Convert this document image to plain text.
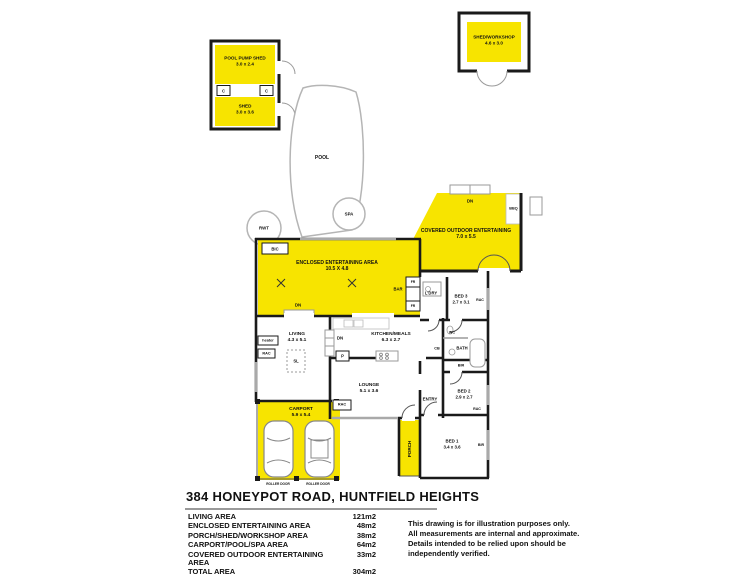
POOL PUMP SHED
3.0 x 2.4
C	C
SHED
3.0 x 3.6
SHED/WORKSHOP
4.6 x 3.0
POOL
SPA
RWT
DN
BBQ
COVERED OUTDOOR ENTERTAINING
7.0 x 5.5
BIC
ENCLOSED ENTERTAINING AREA
10.5 X 4.8
DN
BAR
FR
FR
LIVING
4.3 x 5.1
heater
RAC
SL
DN
KITCHEN/MEALS
6.3 x 2.7
P
L'DRY
BED 3
2.7 x 3.1 RAC
WC
CB	BATH
BIR
LOUNGE
5.1 x 3.6
RAC
ENTRY
BED 2
2.9 x 2.7
RAC
BED 1
3.4 x 3.6	BIR
PORCH
CARPORT
5.9 x 5.4
ROLLER DOOR	ROLLER DOOR
384 HONEYPOT ROAD, HUNTFIELD HEIGHTS
LIVING AREA	121m2
ENCLOSED ENTERTAINING AREA	48m2
PORCH/SHED/WORKSHOP AREA	38m2
CARPORT/POOL/SPA AREA	64m2
COVERED OUTDOOR ENTERTAINING AREA
33m2
TOTAL AREA	304m2
This drawing is for illustration purposes only.
All measurements are internal and approximate.
Details intended to be relied upon should be
independently verified.
